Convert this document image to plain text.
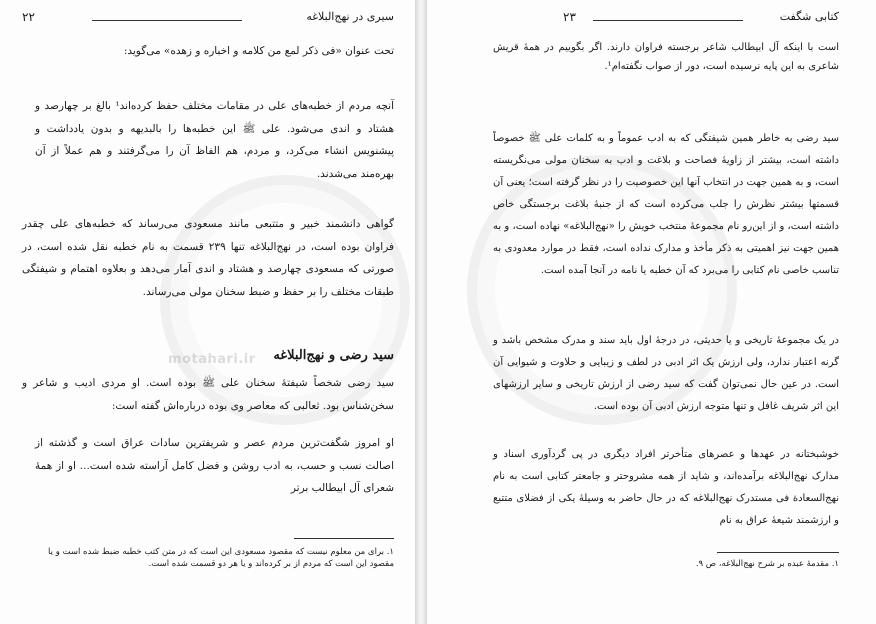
motahari.ir
۲۲	سیری در نهج‌البلاغه
تحت عنوان «فی ذکر لمع من کلامه و اخباره و زهده» می‌گوید:
آنچه مردم از خطبه‌های علی در مقامات مختلف حفظ کرده‌اند¹ بالغ بر چهارصد و هشتاد و اندی می‌شود. علی ﷺ این خطبه‌ها را بالبدیهه و بدون یادداشت و پیشنویس انشاء می‌کرد، و مردم، هم الفاظ آن را می‌گرفتند و هم عملاً از آن بهره‌مند می‌شدند.
گواهی دانشمند خبیر و متتبعی مانند مسعودی می‌رساند که خطبه‌های علی چقدر فراوان بوده است، در نهج‌البلاغه تنها ۲۳۹ قسمت به نام خطبه نقل شده است، در صورتی که مسعودی چهارصد و هشتاد و اندی آمار می‌دهد و بعلاوه اهتمام و شیفتگی طبقات مختلف را بر حفظ و ضبط سخنان مولی می‌رساند.
سید رضی و نهج‌البلاغه
سید رضی شخصاً شیفتهٔ سخنان علی ﷺ بوده است. او مردی ادیب و شاعر و سخن‌شناس بود. ثعالبی که معاصر وی بوده درباره‌اش گفته است:
او امروز شگفت‌ترین مردم عصر و شریفترین سادات عراق است و گذشته از اصالت نسب و حسب، به ادب روشن و فضل کامل آراسته شده است... او از همهٔ شعرای آل ابیطالب برتر
۱. برای من معلوم نیست که مقصود مسعودی این است که در متن کتب خطبه ضبط شده است و یا مقصود این است که مردم از بر کرده‌اند و یا هر دو قسمت شده است.
کتابی شگفت
۲۳
است با اینکه آل ابیطالب شاعر برجسته فراوان دارند. اگر بگوییم در همهٔ قریش شاعری به این پایه نرسیده است، دور از صواب نگفته‌ام¹.
سید رضی به خاطر همین شیفتگی که به ادب عموماً و به کلمات علی ﷺ خصوصاً داشته است، بیشتر از زاویهٔ فصاحت و بلاغت و ادب به سخنان مولی می‌نگریسته است، و به همین جهت در انتخاب آنها این خصوصیت را در نظر گرفته است؛ یعنی آن قسمتها بیشتر نظرش را جلب می‌کرده است که از جنبهٔ بلاغت برجستگی خاص داشته است، و از این‌رو نام مجموعهٔ منتخب خویش را «نهج‌البلاغه» نهاده است، و به همین جهت نیز اهمیتی به ذکر مأخذ و مدارک نداده است، فقط در موارد معدودی به تناسب خاصی نام کتابی را می‌برد که آن خطبه یا نامه در آنجا آمده است.
در یک مجموعهٔ تاریخی و یا حدیثی، در درجهٔ اول باید سند و مدرک مشخص باشد و گرنه اعتبار ندارد، ولی ارزش یک اثر ادبی در لطف و زیبایی و حلاوت و شیوایی آن است. در عین حال نمی‌توان گفت که سید رضی از ارزش تاریخی و سایر ارزشهای این اثر شریف غافل و تنها متوجه ارزش ادبی آن بوده است.
خوشبختانه در عهدها و عصرهای متأخرتر افراد دیگری در پی گردآوری اسناد و مدارک نهج‌البلاغه برآمده‌اند، و شاید از همه مشروحتر و جامعتر کتابی است به نام نهج‌السعادة فی مستدرک نهج‌البلاغه که در حال حاضر به وسیلهٔ یکی از فضلای متتبع و ارزشمند شیعهٔ عراق به نام
۱. مقدمهٔ عبده بر شرح نهج‌البلاغه، ص ۹.
